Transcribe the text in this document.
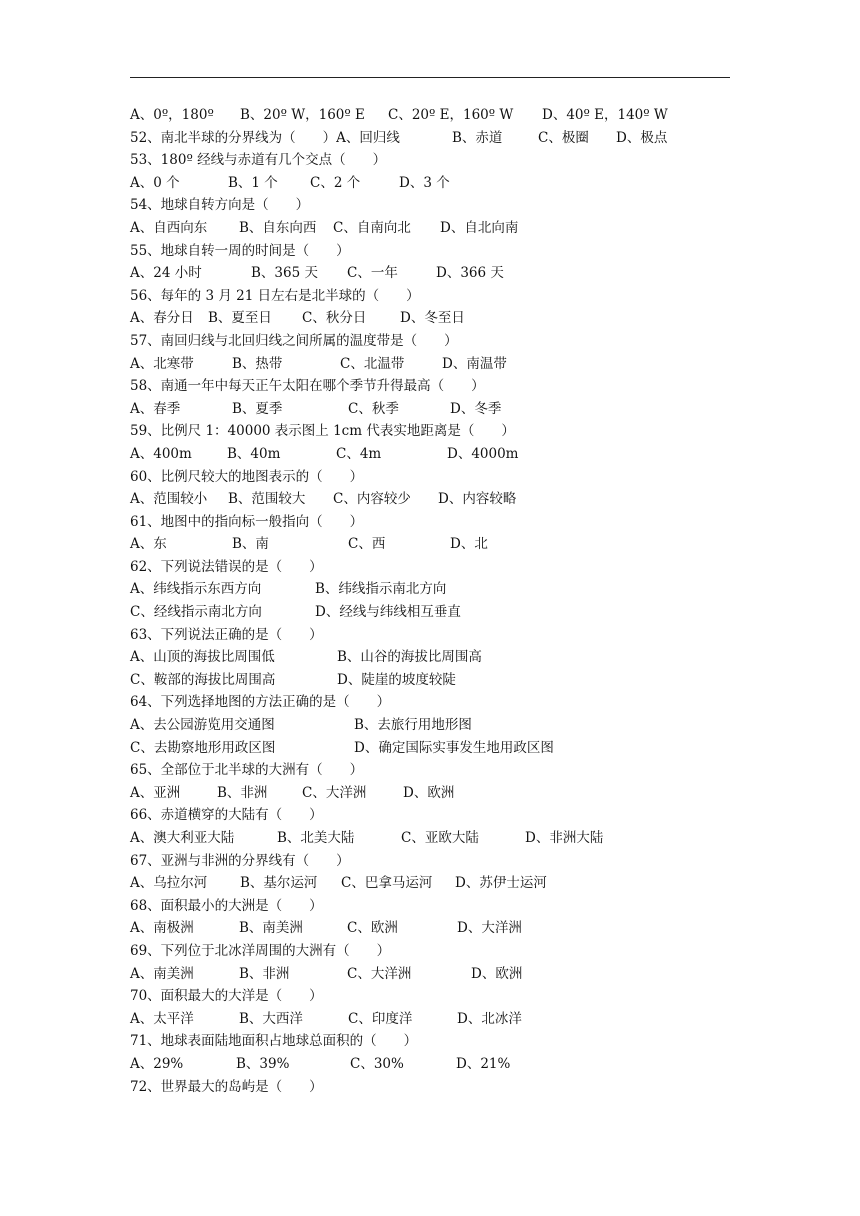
A、0º，180º B、20º W，160º E C、20º E，160º W D、40º E，140º W
52、南北半球的分界线为（　　）A、回归线	B、赤道	C、极圈 D、极点
53、180º 经线与赤道有几个交点（　　）
A、0 个	B、1 个 C、2 个	D、3 个
54、地球自转方向是（　　）
A、自西向东 B、自东向西 C、自南向北 D、自北向南
55、地球自转一周的时间是（　　）
A、24 小时	B、365 天 C、一年	D、366 天
56、每年的 3 月 21 日左右是北半球的（　　）
A、春分日 B、夏至日 C、秋分日 D、冬至日
57、南回归线与北回归线之间所属的温度带是（　　）
A、北寒带	B、热带	C、北温带	D、南温带
58、南通一年中每天正午太阳在哪个季节升得最高（　　）
A、春季	B、夏季	C、秋季	D、冬季
59、比例尺 1：40000 表示图上 1cm 代表实地距离是（　　）
A、400m	B、40m	C、4m	D、4000m
60、比例尺较大的地图表示的（　　）
A、范围较小 B、范围较大 C、内容较少 D、内容较略
61、地图中的指向标一般指向（　　）
A、东	B、南	C、西	D、北
62、下列说法错误的是（　　）
A、纬线指示东西方向	B、纬线指示南北方向
C、经线指示南北方向	D、经线与纬线相互垂直
63、下列说法正确的是（　　）
A、山顶的海拔比周围低	B、山谷的海拔比周围高
C、鞍部的海拔比周围高	D、陡崖的坡度较陡
64、下列选择地图的方法正确的是（　　）
A、去公园游览用交通图	B、去旅行用地形图
C、去勘察地形用政区图	D、确定国际实事发生地用政区图
65、全部位于北半球的大洲有（　　）
A、亚洲	B、非洲	C、大洋洲	D、欧洲
66、赤道横穿的大陆有（　　）
A、澳大利亚大陆	B、北美大陆	C、亚欧大陆	D、非洲大陆
67、亚洲与非洲的分界线有（　　）
A、乌拉尔河 B、基尔运河 C、巴拿马运河 D、苏伊士运河
68、面积最小的大洲是（　　）
A、南极洲	B、南美洲	C、欧洲	D、大洋洲
69、下列位于北冰洋周围的大洲有（　　）
A、南美洲	B、非洲	C、大洋洲	D、欧洲
70、面积最大的大洋是（　　）
A、太平洋	B、大西洋	C、印度洋	D、北冰洋
71、地球表面陆地面积占地球总面积的（　　）
A、29%	B、39%	C、30%	D、21%
72、世界最大的岛屿是（　　）
